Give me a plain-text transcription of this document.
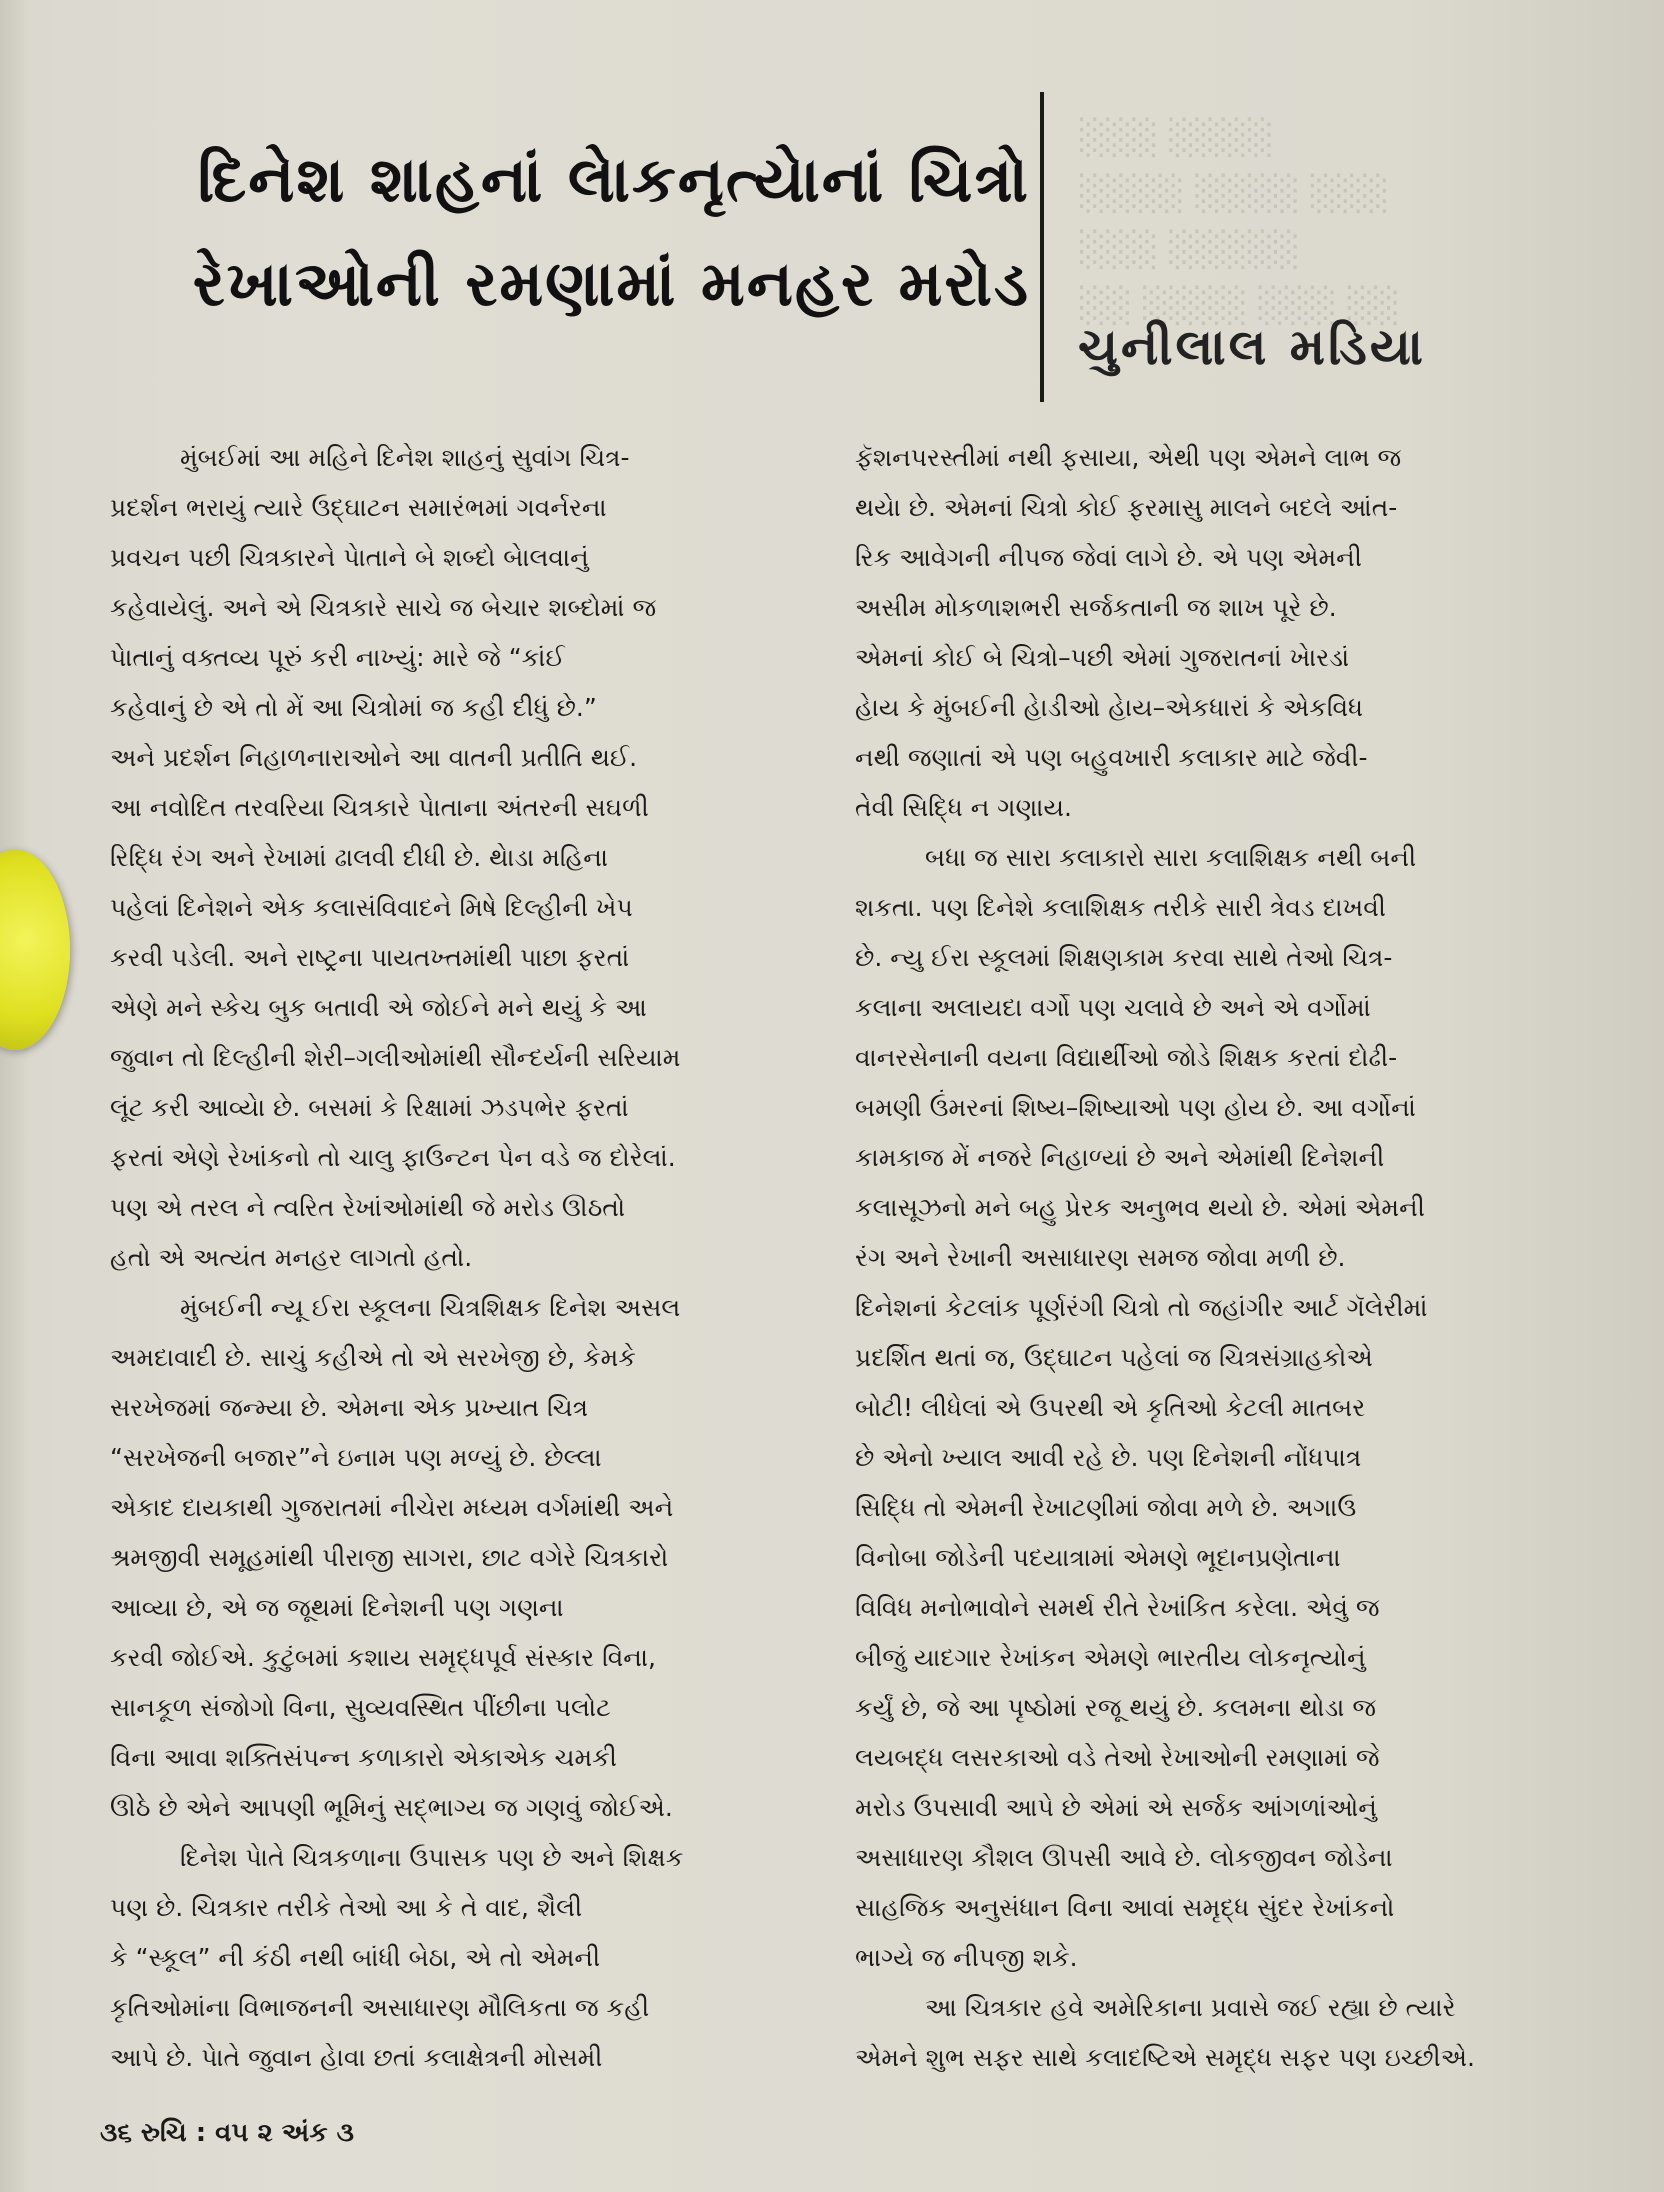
░░░ ░░░░
░░░░ ░░░░ ░░░
░░░ ░░░░░
░░ ░░░░ ░░░ ░░
દિનેશ શાહનાં લેાકનૃત્યેાનાં ચિત્રો
રેખાઓની રમણામાં મનહર મરોડ
ચુનીલાલ મડિયા
મુંબઈમાં આ મહિને દિનેશ શાહનું સુવાંગ ચિત્ર-
પ્રદર્શન ભરાયું ત્યારે ઉદ્‌ઘાટન સમારંભમાં ગવર્નરના
પ્રવચન પછી ચિત્રકારને પેાતાને બે શબ્દો બેાલવાનું
કહેવાયેલું. અને એ ચિત્રકારે સાચે જ બેચાર શબ્દોમાં જ
પેાતાનું વક્તવ્ય પૂરું કરી નાખ્યું: મારે જે “કાંઈ
કહેવાનું છે એ તો મેં આ ચિત્રોમાં જ કહી દીધું છે.”
અને પ્રદર્શન નિહાળનારાઓને આ વાતની પ્રતીતિ થઈ.
આ નવોદિત તરવરિયા ચિત્રકારે પેાતાના અંતરની સઘળી
રિદ્ધિ રંગ અને રેખામાં ઢાલવી દીધી છે. થેાડા મહિના
પહેલાં દિનેશને એક કલાસંવિવાદને મિષે દિલ્હીની ખેપ
કરવી પડેલી. અને રાષ્ટ્રના પાયતખ્તમાંથી પાછા ફરતાં
એણે મને સ્કેચ બુક બતાવી એ જોઈને મને થયું કે આ
જુવાન તો દિલ્હીની શેરી–ગલીઓમાંથી સૌન્દર્યની સરિયામ
લૂંટ કરી આવ્યેા છે. બસમાં કે રિક્ષામાં ઝડપભેર ફરતાં
ફરતાં એણે રેખાંકનો તો ચાલુ ફાઉન્ટન પેન વડે જ દોરેલાં.
પણ એ તરલ ને ત્વરિત રેખાંઓમાંથી જે મરોડ ઊઠતો
હતો એ અત્યંત મનહર લાગતો હતો.
મુંબઈની ન્યૂ ઈરા સ્કૂલના ચિત્રશિક્ષક દિનેશ અસલ
અમદાવાદી છે. સાચું કહીએ તો એ સરખેજી છે, કેમકે
સરખેજમાં જન્મ્યા છે. એમના એક પ્રખ્યાત ચિત્ર
“સરખેજની બજાર”ને ઇનામ પણ મળ્યું છે. છેલ્લા
એકાદ દાયકાથી ગુજરાતમાં નીચેરા મધ્યમ વર્ગમાંથી અને
શ્રમજીવી સમૂહમાંથી પીરાજી સાગરા, છાટ વગેરે ચિત્રકારો
આવ્યા છે, એ જ જૂથમાં દિનેશની પણ ગણના
કરવી જોઈએ. કુટુંબમાં કશાય સમૃદ્ધપૂર્વ સંસ્કાર વિના,
સાનકૂળ સંજોગો વિના, સુવ્યવસ્થિત પીંછીના પલોટ
વિના આવા શક્તિસંપન્ન કળાકારો એકાએક ચમકી
ઊઠે છે એને આપણી ભૂમિનું સદ્‌ભાગ્ય જ ગણવું જોઈએ.
દિનેશ પેાતે ચિત્રકળાના ઉપાસક પણ છે અને શિક્ષક
પણ છે. ચિત્રકાર તરીકે તેઓ આ કે તે વાદ, શૈલી
કે “સ્કૂલ” ની કંઠી નથી બાંધી બેઠા, એ તો એમની
કૃતિઓમાંના વિભાજનની અસાધારણ મૌલિકતા જ કહી
આપે છે. પેાતે જુવાન હેાવા છતાં કલાક્ષેત્રની મોસમી
ફૅશનપરસ્તીમાં નથી ફસાયા, એથી પણ એમને લાભ જ
થયેા છે. એમનાં ચિત્રો કોઈ ફરમાસુ માલને બદલે આંત-
રિક આવેગની નીપજ જેવાં લાગે છે. એ પણ એમની
અસીમ મોકળાશભરી સર્જકતાની જ શાખ પૂરે છે.
એમનાં કોઈ બે ચિત્રો–પછી એમાં ગુજરાતનાં ખેારડાં
હેાય કે મુંબઈની હેાડીઓ હેાય–એકધારાં કે એકવિધ
નથી જણાતાં એ પણ બહુવખારી કલાકાર માટે જેવી-
તેવી સિદ્ધિ ન ગણાય.
બધા જ સારા કલાકારો સારા કલાશિક્ષક નથી બની
શકતા. પણ દિનેશે કલાશિક્ષક તરીકે સારી ત્રેવડ દાખવી
છે. ન્યુ ઈરા સ્કૂલમાં શિક્ષણકામ કરવા સાથે તેઓ ચિત્ર-
કલાના અલાયદા વર્ગો પણ ચલાવે છે અને એ વર્ગોમાં
વાનરસેનાની વયના વિદ્યાર્થીઓ જોડે શિક્ષક કરતાં દોઢી-
બમણી ઉંમરનાં શિષ્ય–શિષ્યાઓ પણ હોય છે. આ વર્ગોનાં
કામકાજ મેં નજરે નિહાળ્યાં છે અને એમાંથી દિનેશની
કલાસૂઝનો મને બહુ પ્રેરક અનુભવ થયો છે. એમાં એમની
રંગ અને રેખાની અસાધારણ સમજ જોવા મળી છે.
દિનેશનાં કેટલાંક પૂર્ણરંગી ચિત્રો તો જહાંગીર આર્ટ ગૅલેરીમાં
પ્રદર્શિત થતાં જ, ઉદ્‌ઘાટન પહેલાં જ ચિત્રસંગ્રાહકોએ
બોટી! લીધેલાં એ ઉપરથી એ કૃતિઓ કેટલી માતબર
છે એનો ખ્યાલ આવી રહે છે. પણ દિનેશની નોંધપાત્ર
સિદ્ધિ તો એમની રેખાટણીમાં જોવા મળે છે. અગાઉ
વિનોબા જોડેની પદયાત્રામાં એમણે ભૂદાનપ્રણેતાના
વિવિધ મનોભાવોને સમર્થ રીતે રેખાંકિત કરેલા. એવું જ
બીજું યાદગાર રેખાંકન એમણે ભારતીય લોકનૃત્યોનું
કર્યું છે, જે આ પૃષ્ઠોમાં રજૂ થયું છે. કલમના થોડા જ
લયબદ્ધ લસરકાઓ વડે તેઓ રેખાઓની રમણામાં જે
મરોડ ઉપસાવી આપે છે એમાં એ સર્જક આંગળાંઓનું
અસાધારણ કૌશલ ઊપસી આવે છે. લોકજીવન જોડેના
સાહજિક અનુસંધાન વિના આવાં સમૃદ્ધ સુંદર રેખાંકનો
ભાગ્યે જ નીપજી શકે.
આ ચિત્રકાર હવે અમેરિકાના પ્રવાસે જઈ રહ્યા છે ત્યારે
એમને શુભ સફર સાથે કલાદષ્ટિએ સમૃદ્ધ સફર પણ ઇચ્છીએ.
૩૬ રુચિ : વ૫ ૨ અંક ૩
